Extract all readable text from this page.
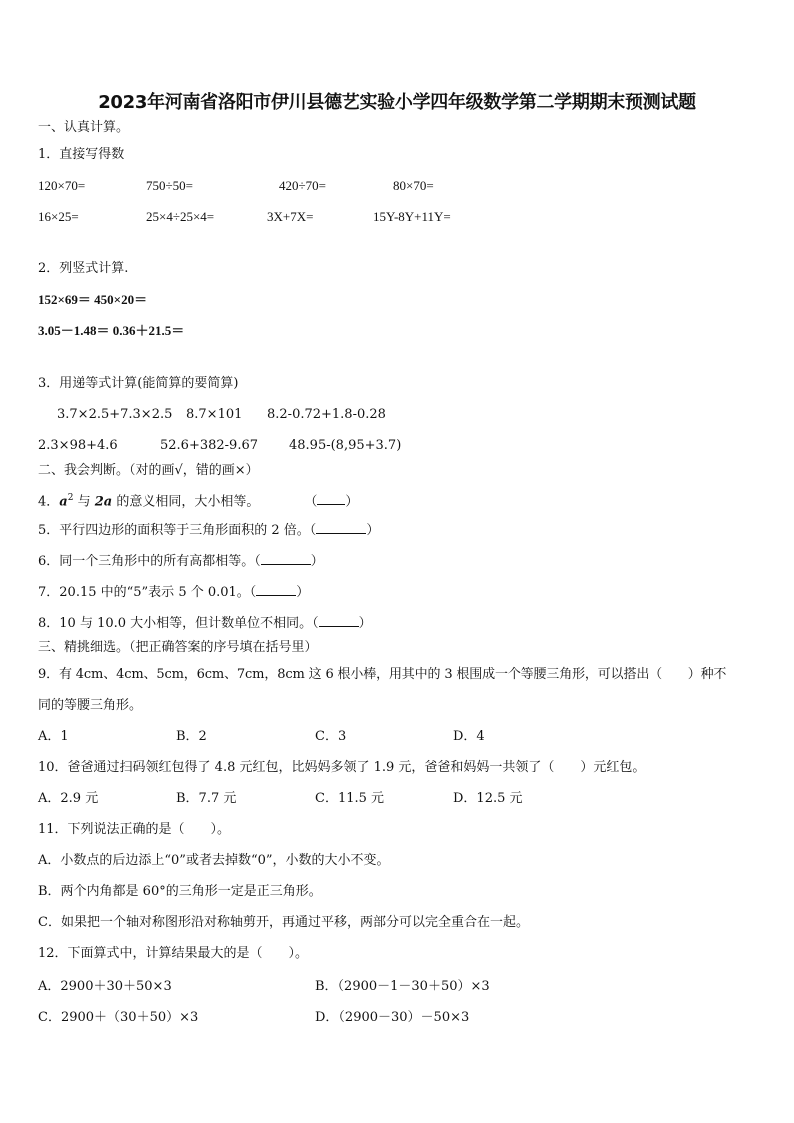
2023年河南省洛阳市伊川县德艺实验小学四年级数学第二学期期末预测试题
一、认真计算。
1．直接写得数
120×70=	750÷50=	420÷70=	80×70=
16×25=	25×4÷25×4=	3X+7X=	15Y-8Y+11Y=
2．列竖式计算.
152×69＝ 450×20＝
3.05－1.48＝ 0.36＋21.5＝
3．用递等式计算(能简算的要简算)
3.7×2.5+7.3×2.5 8.7×101 8.2-0.72+1.8-0.28
2.3×98+4.6	52.6+382-9.67 48.95-(8,95+3.7)
二、我会判断。（对的画√，错的画×）
4．$a^2$ 与 2a 的意义相同，大小相等。	（ ）
5．平行四边形的面积等于三角形面积的 2 倍。（	）
6．同一个三角形中的所有高都相等。（	）
7．20.15 中的“5”表示 5 个 0.01。（	）
8．10 与 10.0 大小相等，但计数单位不相同。（	）
三、精挑细选。（把正确答案的序号填在括号里）
9．有 4cm、4cm、5cm，6cm、7cm，8cm 这 6 根小棒，用其中的 3 根围成一个等腰三角形，可以搭出（　　）种不
同的等腰三角形。
A．1	B．2	C．3	D．4
10．爸爸通过扫码领红包得了 4.8 元红包，比妈妈多领了 1.9 元，爸爸和妈妈一共领了（　　）元红包。
A．2.9 元	B．7.7 元	C．11.5 元	D．12.5 元
11．下列说法正确的是（　　）。
A．小数点的后边添上“0”或者去掉数“0”，小数的大小不变。
B．两个内角都是 60°的三角形一定是正三角形。
C．如果把一个轴对称图形沿对称轴剪开，再通过平移，两部分可以完全重合在一起。
12．下面算式中，计算结果最大的是（　　）。
A．2900＋30＋50×3	B．（2900－1－30＋50）×3
C．2900＋（30＋50）×3	D．（2900－30）－50×3
